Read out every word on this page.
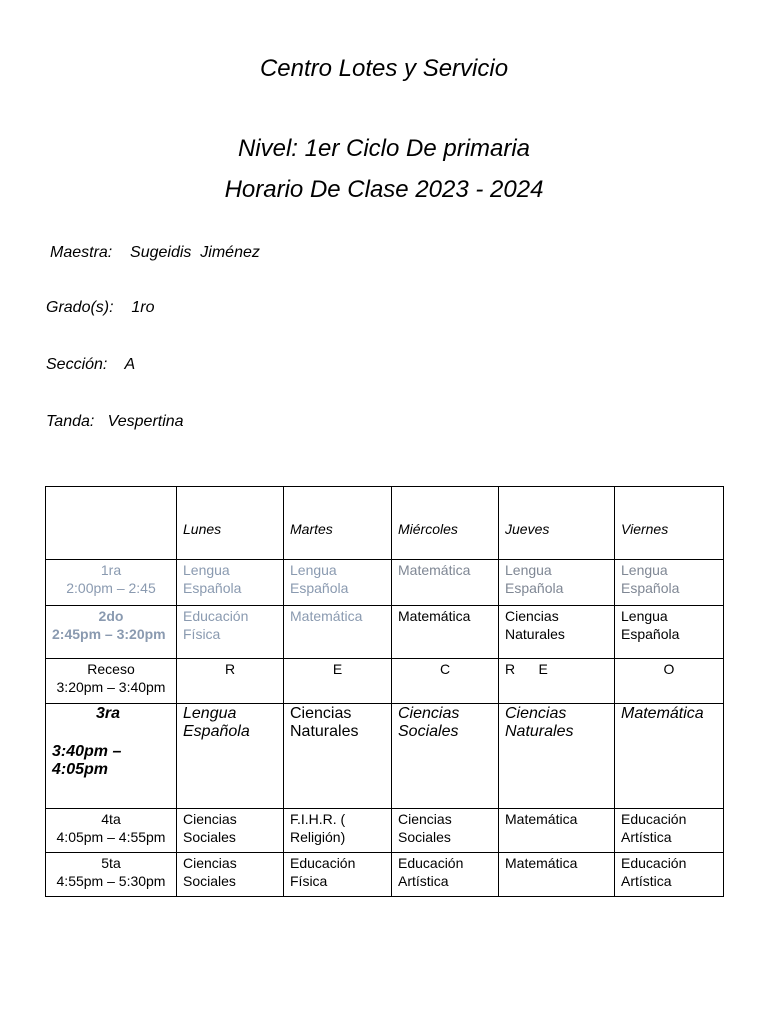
Centro Lotes y Servicio
Nivel: 1er Ciclo De primaria
Horario De Clase 2023 - 2024
Maestra:    Sugeidis  Jiménez
Grado(s):    1ro
Sección:    A
Tanda:   Vespertina
	Lunes	Martes	Miércoles	Jueves	Viernes

1ra
2:00pm – 2:45	Lengua Española	Lengua Española	Matemática	Lengua Española	Lengua Española

2do
2:45pm – 3:20pm	Educación Física	Matemática	Matemática	Ciencias Naturales	Lengua Española

Receso
3:20pm – 3:40pm	R	E	C	R      E	O

3ra
3:40pm – 4:05pm	Lengua Española	Ciencias Naturales	Ciencias Sociales	Ciencias Naturales	Matemática

4ta
4:05pm – 4:55pm	Ciencias Sociales	F.I.H.R. ( Religión)	Ciencias Sociales	Matemática	Educación Artística

5ta
4:55pm – 5:30pm	Ciencias Sociales	Educación Física	Educación Artística	Matemática	Educación Artística
